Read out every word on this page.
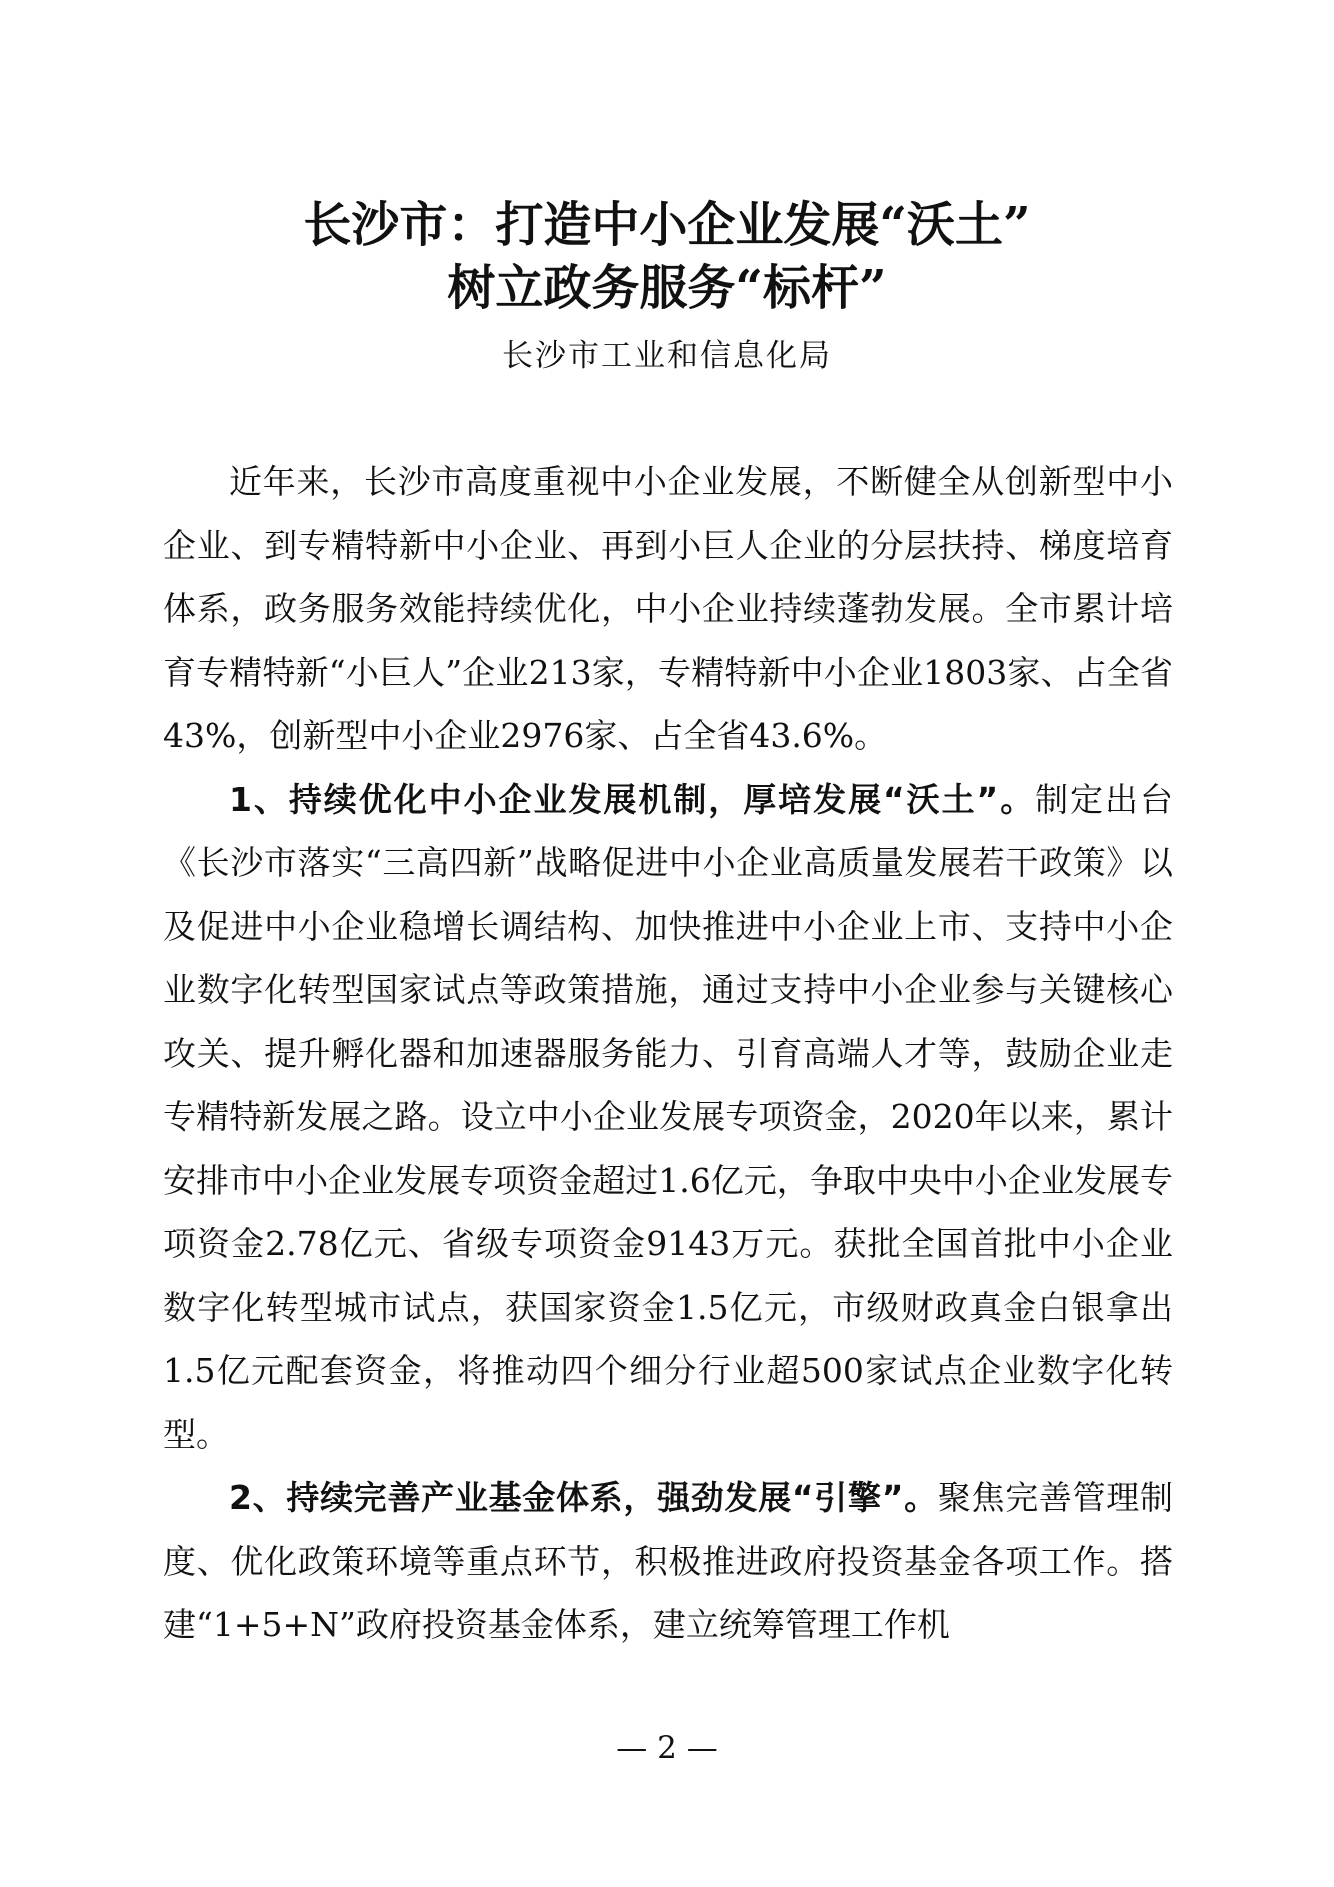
长沙市：打造中小企业发展“沃土”
树立政务服务“标杆”
长沙市工业和信息化局

近年来，长沙市高度重视中小企业发展，不断健全从创新型中小企业、到专精特新中小企业、再到小巨人企业的分层扶持、梯度培育体系，政务服务效能持续优化，中小企业持续蓬勃发展。全市累计培育专精特新“小巨人”企业213家，专精特新中小企业1803家、占全省43%，创新型中小企业2976家、占全省43.6%。

1、持续优化中小企业发展机制，厚培发展“沃土”。制定出台《长沙市落实“三高四新”战略促进中小企业高质量发展若干政策》以及促进中小企业稳增长调结构、加快推进中小企业上市、支持中小企业数字化转型国家试点等政策措施，通过支持中小企业参与关键核心攻关、提升孵化器和加速器服务能力、引育高端人才等，鼓励企业走专精特新发展之路。设立中小企业发展专项资金，2020年以来，累计安排市中小企业发展专项资金超过1.6亿元，争取中央中小企业发展专项资金2.78亿元、省级专项资金9143万元。获批全国首批中小企业数字化转型城市试点，获国家资金1.5亿元，市级财政真金白银拿出1.5亿元配套资金，将推动四个细分行业超500家试点企业数字化转型。

2、持续完善产业基金体系，强劲发展“引擎”。聚焦完善管理制度、优化政策环境等重点环节，积极推进政府投资基金各项工作。搭建“1+5+N”政府投资基金体系，建立统筹管理工作机

— 2 —
